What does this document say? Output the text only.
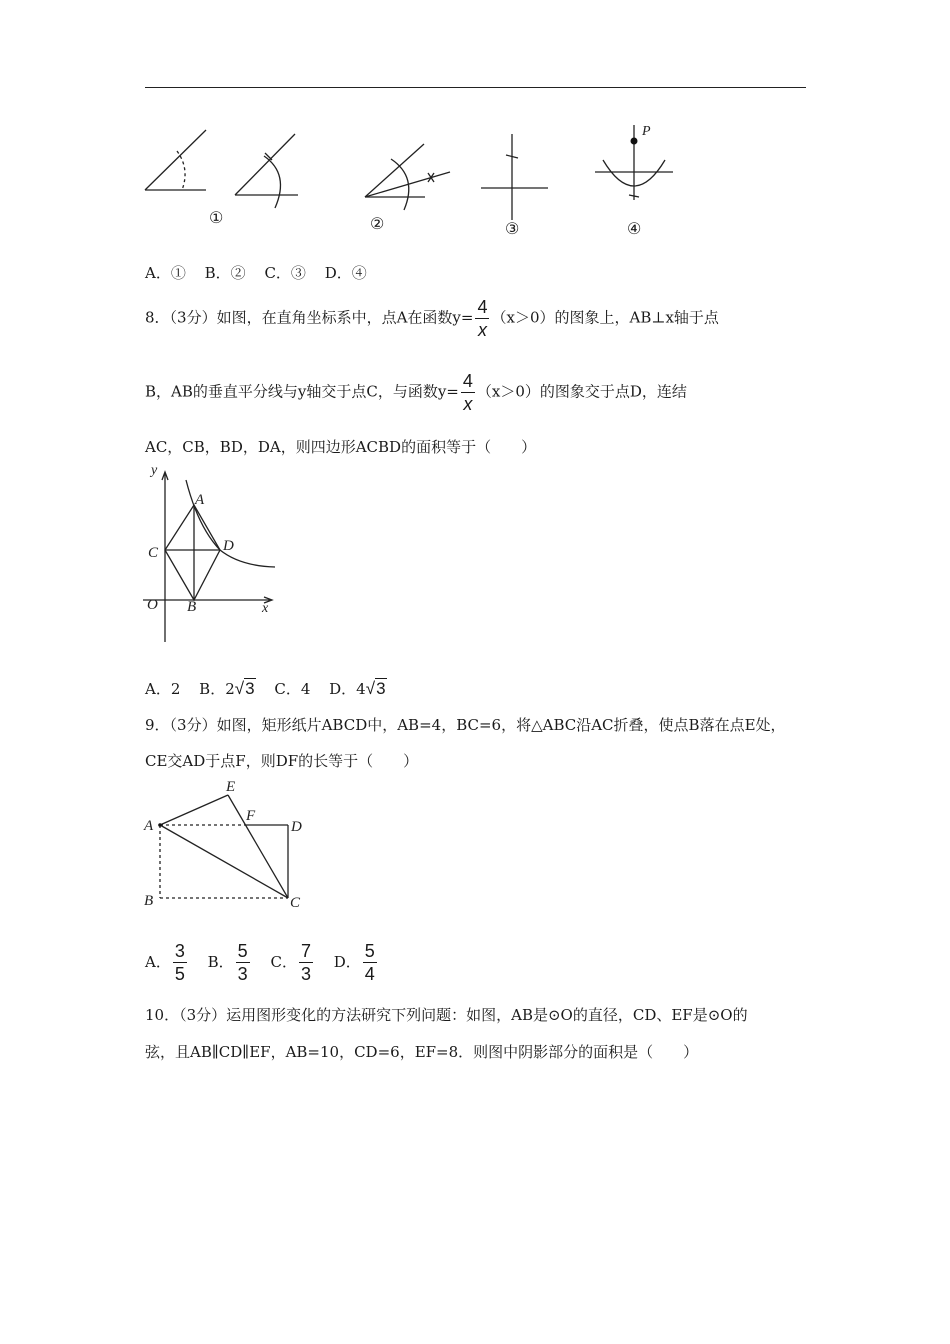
P
①	②	③	④
A．① B．② C．③ D．④
8．（3分）如图，在直角坐标系中，点A在函数$y= \frac{4}{x} (x>0)$的图象上，AB⊥x轴于点
B，AB的垂直平分线与y轴交于点C，与函数$y= \frac{4}{x} (x>0)$的图象交于点D，连结
AC，CB，BD，DA，则四边形ACBD的面积等于（　　）
y
x
O
A
B
C	D
A．2 B．2√3 C．4 D．4√3
9．（3分）如图，矩形纸片ABCD中，AB=4，BC=6，将△ABC沿AC折叠，使点B落在点E处，
CE交AD于点F，则DF的长等于（　　）
A
B	C
D
E
F
A． $\frac{3}{5}$ B． $\frac{5}{3}$ C． $\frac{7}{3}$ D． $\frac{5}{4}$
10．（3分）运用图形变化的方法研究下列问题：如图，AB是⊙O的直径，CD、EF是⊙O的
弦，且AB∥CD∥EF，AB=10，CD=6，EF=8．则图中阴影部分的面积是（　　）
